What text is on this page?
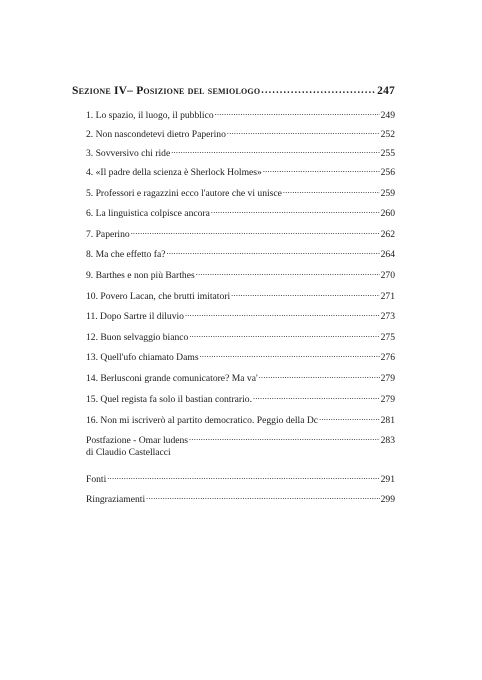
Sezione IV– Posizione del semiologo .....	247
1. Lo spazio, il luogo, il pubblico .....	249
2. Non nascondetevi dietro Paperino .....	252
3. Sovversivo chi ride .....	255
4. «Il padre della scienza è Sherlock Holmes» .....	256
5. Professori e ragazzini ecco l'autore che vi unisce .....	259
6. La linguistica colpisce ancora .....	260
7. Paperino .....	262
8. Ma che effetto fa? .....	264
9. Barthes e non più Barthes .....	270
10. Povero Lacan, che brutti imitatori .....	271
11. Dopo Sartre il diluvio .....	273
12. Buon selvaggio bianco .....	275
13. Quell'ufo chiamato Dams .....	276
14. Berlusconi grande comunicatore? Ma va' .....	279
15. Quel regista fa solo il bastian contrario. .....	279
16. Non mi iscriverò al partito democratico. Peggio della Dc .....	281
Postfazione - Omar ludens .....	283
di Claudio Castellacci
Fonti .....	291
Ringraziamenti .....	299
